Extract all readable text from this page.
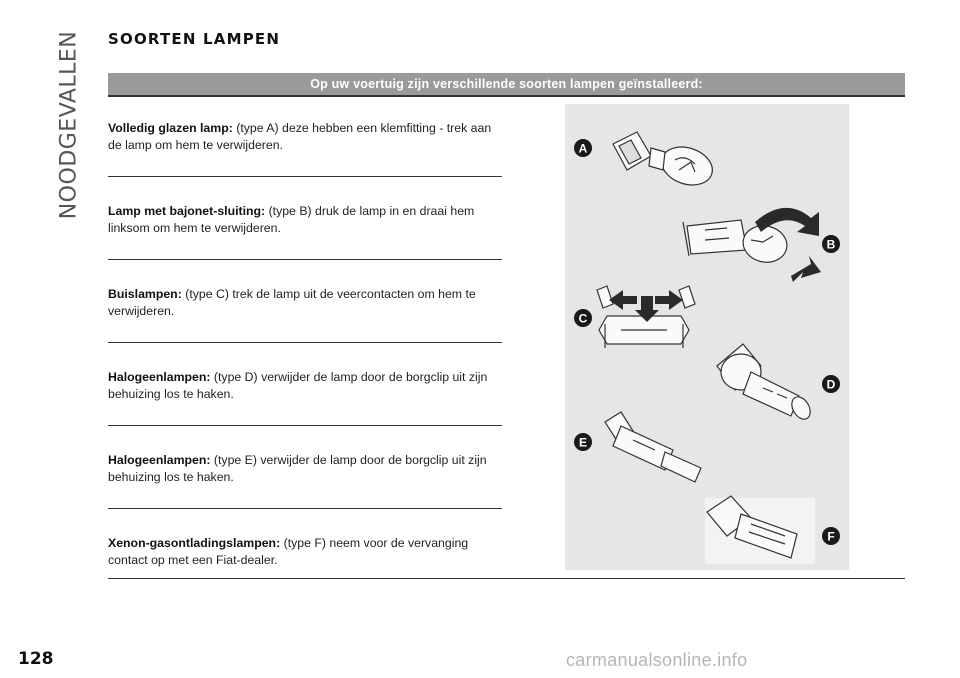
NOODGEVALLEN SOORTEN LAMPEN
Op uw voertuig zijn verschillende soorten lampen geïnstalleerd:

Volledig glazen lamp: (type A) deze hebben een klemfitting - trek aan de lamp om hem te verwijderen.

Lamp met bajonet-sluiting: (type B) druk de lamp in en draai hem linksom om hem te verwijderen.

Buislampen: (type C) trek de lamp uit de veercontacten om hem te verwijderen.

Halogeenlampen: (type D) verwijder de lamp door de borgclip uit zijn behuizing los te haken.

Halogeenlampen: (type E) verwijder de lamp door de borgclip uit zijn behuizing los te haken.

Xenon-gasontladingslampen: (type F) neem voor de vervanging contact op met een Fiat-dealer.

A
B
C
D
E
F
128	carmanualsonline.info
